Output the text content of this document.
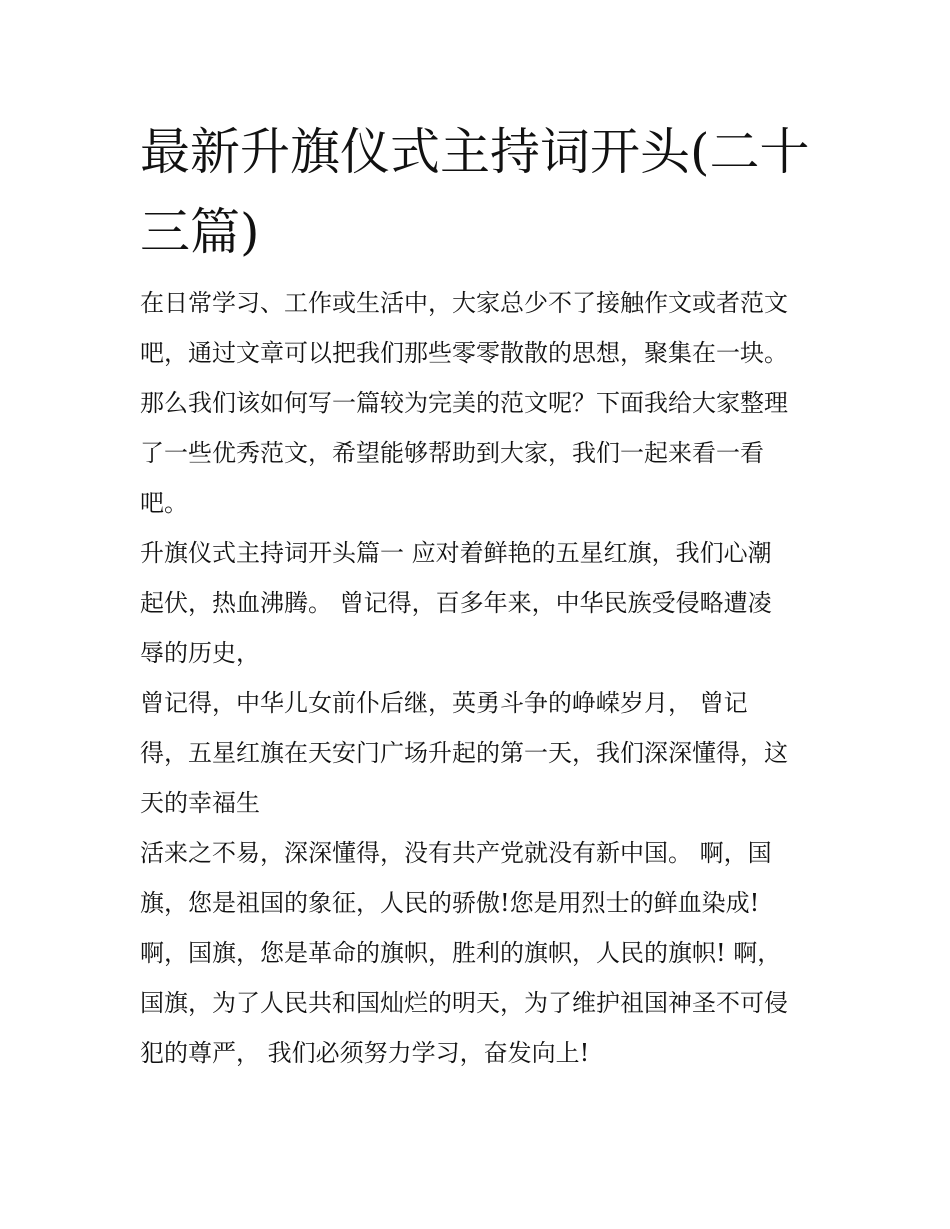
最新升旗仪式主持词开头(二十
三篇)
在日常学习、工作或生活中，大家总少不了接触作文或者范文
吧，通过文章可以把我们那些零零散散的思想，聚集在一块。
那么我们该如何写一篇较为完美的范文呢？下面我给大家整理
了一些优秀范文，希望能够帮助到大家，我们一起来看一看
吧。
升旗仪式主持词开头篇一 应对着鲜艳的五星红旗，我们心潮
起伏，热血沸腾。 曾记得，百多年来，中华民族受侵略遭凌
辱的历史，
曾记得，中华儿女前仆后继，英勇斗争的峥嵘岁月， 曾记
得，五星红旗在天安门广场升起的第一天，我们深深懂得，这
天的幸福生
活来之不易，深深懂得，没有共产党就没有新中国。 啊，国
旗，您是祖国的象征，人民的骄傲!您是用烈士的鲜血染成!
啊，国旗，您是革命的旗帜，胜利的旗帜，人民的旗帜! 啊，
国旗，为了人民共和国灿烂的明天，为了维护祖国神圣不可侵
犯的尊严， 我们必须努力学习，奋发向上!
